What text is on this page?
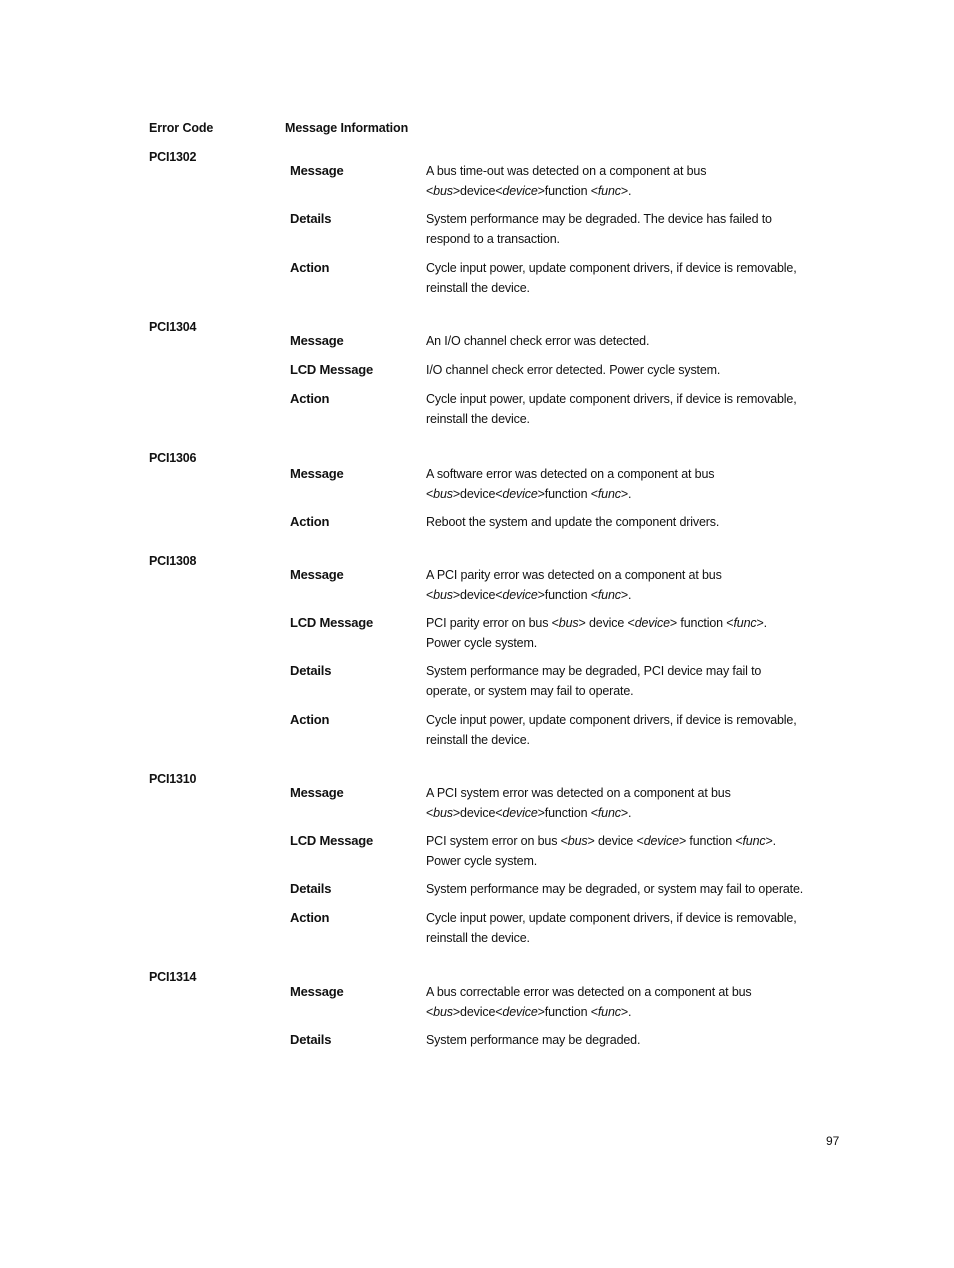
Error Code	Message Information
PCI1302
Message	A bus time-out was detected on a component at bus
<bus>device<device>function <func>.
Details	System performance may be degraded. The device has failed to
respond to a transaction.
Action	Cycle input power, update component drivers, if device is removable,
reinstall the device.
PCI1304
Message	An I/O channel check error was detected.
LCD Message	I/O channel check error detected. Power cycle system.
Action	Cycle input power, update component drivers, if device is removable,
reinstall the device.
PCI1306
Message	A software error was detected on a component at bus
<bus>device<device>function <func>.
Action	Reboot the system and update the component drivers.
PCI1308
Message	A PCI parity error was detected on a component at bus
<bus>device<device>function <func>.
LCD Message	PCI parity error on bus <bus> device <device> function <func>.
Power cycle system.
Details	System performance may be degraded, PCI device may fail to
operate, or system may fail to operate.
Action	Cycle input power, update component drivers, if device is removable,
reinstall the device.
PCI1310
Message	A PCI system error was detected on a component at bus
<bus>device<device>function <func>.
LCD Message	PCI system error on bus <bus> device <device> function <func>.
Power cycle system.
Details	System performance may be degraded, or system may fail to operate.
Action	Cycle input power, update component drivers, if device is removable,
reinstall the device.
PCI1314
Message	A bus correctable error was detected on a component at bus
<bus>device<device>function <func>.
Details	System performance may be degraded.
97
